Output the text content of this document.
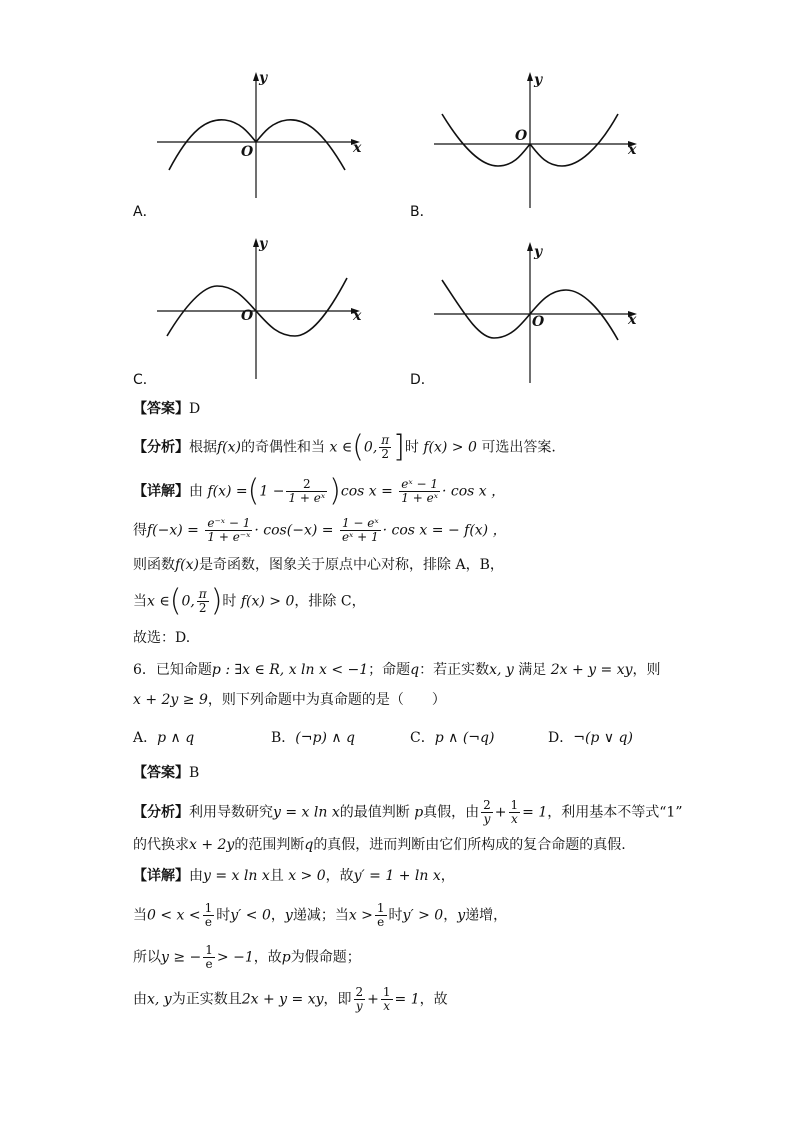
y
x
O
A．
y
x
O
B．
y
x
O
C．
y
x
O
D．
【答案】D
【分析】根据f(x)的奇偶性和当 x ∈(0, $\frac{\pi}{2}$ ]时 f(x) > 0 可选出答案.
【详解】由 $f(x) =(1 - \frac{2}{\text{1 + eˣ}} )\cos$ $x = \frac{\text{eˣ − 1}}{\text{1 + eˣ}} \cdot \cos x$ ，
得$f(-x) = \frac{\text{e⁻ˣ − 1}}{\text{1 + e⁻ˣ}} \cdot \cos(-x) = \frac{\text{1 − eˣ}}{\text{eˣ + 1}} \cdot \cos x$ = − f(x) ，
则函数f(x)是奇函数，图象关于原点中心对称，排除 A，B，
当x ∈(0, $\frac{\pi}{2}$ )时 f(x) > 0，排除 C，
故选：D.
6．已知命题p : ∃x ∈ R, x ln x < −1；命题q：若正实数x, y 满足 2x + y = xy，则
x + 2y ≥ 9，则下列命题中为真命题的是（　　）
A．p ∧ q	B．(¬p) ∧ q	C．p ∧ (¬q)	D．¬(p ∨ q)
【答案】B
【分析】利用导数研究y = x ln x的最值判断 p真假，由 $\frac{2}{y} + \frac{1}{x} = 1$，利用基本不等式“1”
的代换求x + 2y的范围判断q的真假，进而判断由它们所构成的复合命题的真假.
【详解】由y = x ln x且 x > 0，故y′ = 1 + ln x，
当$0 < x < \frac{1}{e}$ 时y′ < 0，y递减；当$x > \frac{1}{e}$ 时y′ > 0，y递增，
所以y ≥ − $\frac{1}{e} > -1$，故p为假命题；
由x, y为正实数且2x + y = xy，即 $\frac{2}{y} + \frac{1}{x} = 1$，故
